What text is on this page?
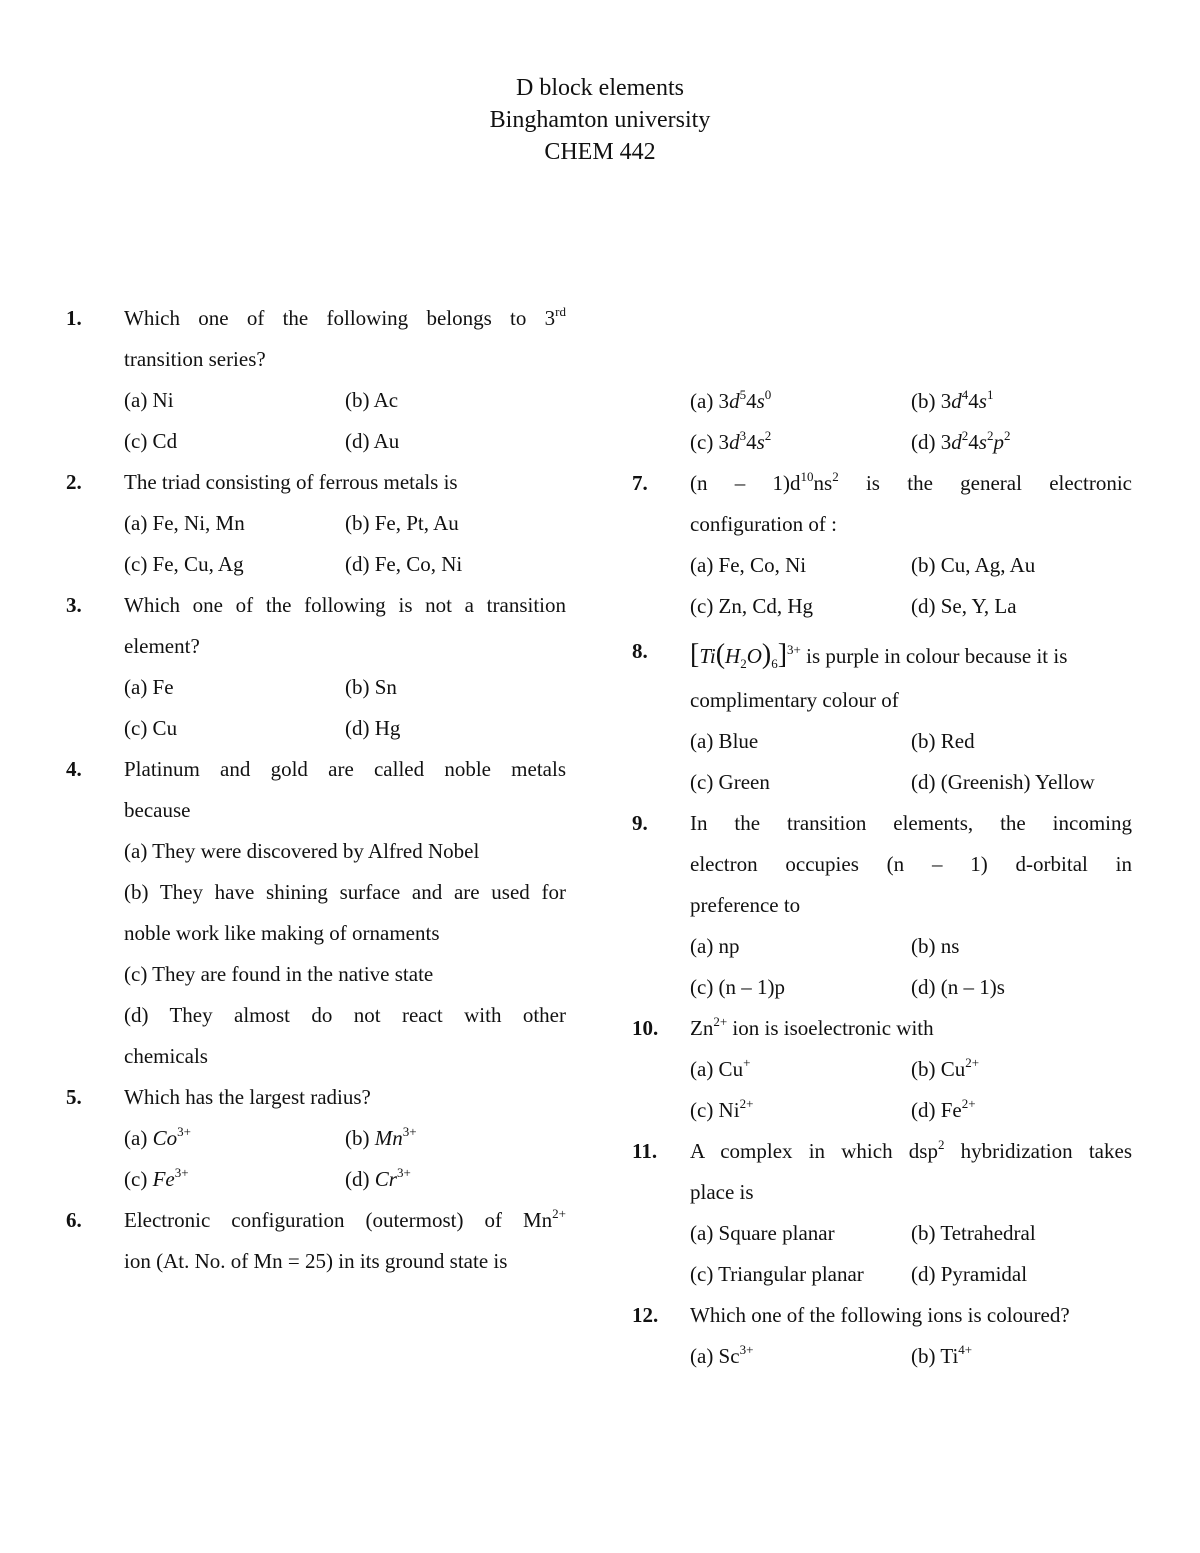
D block elements
Binghamton university
CHEM 442
1. Which one of the following belongs to 3rd
transition series?
(a) Ni	(b) Ac
(c) Cd	(d) Au
2. The triad consisting of ferrous metals is
(a) Fe, Ni, Mn	(b) Fe, Pt, Au
(c) Fe, Cu, Ag	(d) Fe, Co, Ni
3. Which one of the following is not a transition
element?
(a) Fe	(b) Sn
(c) Cu	(d) Hg
4. Platinum and gold are called noble metals
because
(a) They were discovered by Alfred Nobel
(b) They have shining surface and are used for
noble work like making of ornaments
(c) They are found in the native state
(d) They almost do not react with other
chemicals
5. Which has the largest radius?
(a) $Co^{3+}$	(b) $Mn^{3+}$
(c) $Fe^{3+}$	(d) $Cr^{3+}$
6. Electronic configuration (outermost) of $Mn^{2+}$
ion (At. No. of Mn = 25) in its ground state is
(a) $3d^54s^0$	(b) $3d^44s^1$
(c) $3d^34s^2$	(d) $3d^24s^2p^2$
7. $(n - 1)d^{10}ns^2$ is the general electronic
configuration of :
(a) Fe, Co, Ni	(b) Cu, Ag, Au
(c) Zn, Cd, Hg	(d) Se, Y, La
8. $[Ti(H_2O)_6]^{3+}$ is purple in colour because it is
complimentary colour of
(a) Blue	(b) Red
(c) Green	(d) (Greenish) Yellow
9. In the transition elements, the incoming
electron occupies (n – 1) d-orbital in
preference to
(a) np	(b) ns
(c) (n – 1)p	(d) (n – 1)s
10. $Zn^{2+}$ ion is isoelectronic with
(a) Cu+	(b) $Cu^{2+}$
(c) $Ni^{2+}$	(d) $Fe^{2+}$
11. A complex in which dsp$^2$ hybridization takes
place is
(a) Square planar	(b) Tetrahedral
(c) Triangular planar	(d) Pyramidal
12. Which one of the following ions is coloured?
(a) $Sc^{3+}$	(b) $Ti^{4+}$
